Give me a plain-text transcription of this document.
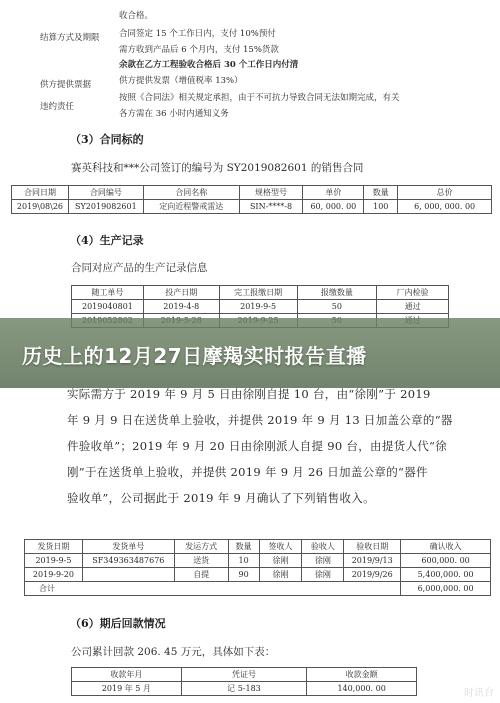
收合格。
结算方式及期限 合同签定 15 个工作日内，支付 10%预付
需方收到产品后 6 个月内，支付 15%货款
余款在乙方工程验收合格后 30 个工作日内付清
供方提供票据	供方提供发票（增值税率 13%）
违约责任
按照《合同法》相关规定承担，由于不可抗力导致合同无法如期完成，有关
各方需在 36 小时内通知义务
（3）合同标的
赛英科技和***公司签订的编号为 SY2019082601 的销售合同
合同日期	合同编号	合同名称	规格型号	单价	数量	总价
2019\08\26	SY2019082601	定向近程警戒雷达	SIN-****-8	60, 000. 00	100	6, 000, 000. 00
（4）生产记录
合同对应产品的生产记录信息
随工单号	投产日期	完工报缴日期	报缴数量	厂内检验
2019040801	2019-4-8	2019-9-5	50	通过

历史上的12月27日摩羯实时报告直播
实际需方于 2019 年 9 月 5 日由徐刚自提 10 台，由“徐刚”于 2019
年 9 月 9 日在送货单上验收，并提供 2019 年 9 月 13 日加盖公章的“器
件验收单”；2019 年 9 月 20 日由徐刚派人自提 90 台，由提货人代“徐
刚”于在送货单上验收，并提供 2019 年 9 月 26 日加盖公章的“器件
验收单”，公司据此于 2019 年 9 月确认了下列销售收入。
发货日期	发货单号	发运方式	数量	签收人	验收人	验收日期	确认收入
2019-9-5	SF349363487676	送货	10	徐刚	徐刚	2019/9/13	600,000. 00
2019-9-20		自提	90	徐刚	徐刚	2019/9/26	5,400,000. 00
合计							6,000,000. 00
（6）期后回款情况
公司累计回款 206. 45 万元，具体如下表：
收款年月	凭证号	收款金额
2019 年 5 月	记 5-183	140,000. 00	时讯台
